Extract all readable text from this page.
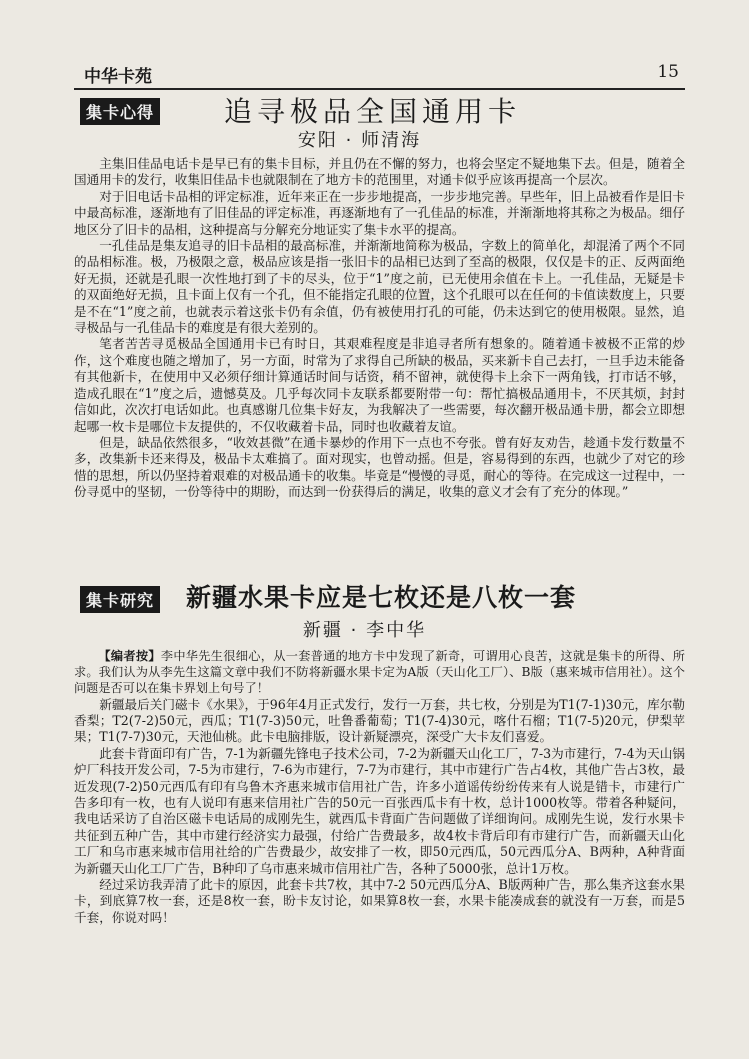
中华卡苑	15
集卡心得 追寻极品全国通用卡
安阳 · 师清海

主集旧佳品电话卡是早已有的集卡目标，并且仍在不懈的努力，也将会坚定不疑地集下去。但是，随着全国通用卡的发行，收集旧佳品卡也就限制在了地方卡的范围里，对通卡似乎应该再提高一个层次。

对于旧电话卡品相的评定标准，近年来正在一步步地提高，一步步地完善。早些年，旧上品被看作是旧卡中最高标准，逐渐地有了旧佳品的评定标准，再逐渐地有了一孔佳品的标准，并渐渐地将其称之为极品。细仔地区分了旧卡的品相，这种提高与分解充分地证实了集卡水平的提高。

一孔佳品是集友追寻的旧卡品相的最高标准，并渐渐地简称为极品，字数上的简单化，却混淆了两个不同的品相标准。极，乃极限之意，极品应该是指一张旧卡的品相已达到了至高的极限，仅仅是卡的正、反两面绝好无损，还就是孔眼一次性地打到了卡的尽头，位于“1”度之前，已无使用余值在卡上。一孔佳品，无疑是卡的双面绝好无损，且卡面上仅有一个孔，但不能指定孔眼的位置，这个孔眼可以在任何的卡值读数度上，只要是不在“1”度之前，也就表示着这张卡仍有余值，仍有被使用打孔的可能，仍未达到它的使用极限。显然，追寻极品与一孔佳品卡的难度是有很大差别的。

笔者苦苦寻觅极品全国通用卡已有时日，其艰难程度是非追寻者所有想象的。随着通卡被极不正常的炒作，这个难度也随之增加了，另一方面，时常为了求得自己所缺的极品，买来新卡自己去打，一旦手边未能备有其他新卡，在使用中又必须仔细计算通话时间与话资，稍不留神，就使得卡上余下一两角钱，打市话不够，造成孔眼在“1”度之后，遗憾莫及。几乎每次同卡友联系都要附带一句：帮忙搞极品通用卡，不厌其烦，封封信如此，次次打电话如此。也真感谢几位集卡好友，为我解决了一些需要，每次翻开极品通卡册，都会立即想起哪一枚卡是哪位卡友提供的，不仅收藏着卡品，同时也收藏着友谊。

但是，缺品依然很多，“收效甚微”在通卡暴炒的作用下一点也不夸张。曾有好友劝告，趁通卡发行数量不多，改集新卡还来得及，极品卡太难搞了。面对现实，也曾动摇。但是，容易得到的东西，也就少了对它的珍惜的思想，所以仍坚持着艰难的对极品通卡的收集。毕竟是“慢慢的寻觅，耐心的等待。在完成这一过程中，一份寻觅中的坚韧，一份等待中的期盼，而达到一份获得后的满足，收集的意义才会有了充分的体现。”

集卡研究 新疆水果卡应是七枚还是八枚一套
新疆 · 李中华

【编者按】李中华先生很细心，从一套普通的地方卡中发现了新奇，可谓用心良苦，这就是集卡的所得、所求。我们认为从李先生这篇文章中我们不防将新疆水果卡定为A版（天山化工厂）、B版（惠来城市信用社）。这个问题是否可以在集卡界划上句号了！

新疆最后关门磁卡《水果》，于96年4月正式发行，发行一万套，共七枚，分别是为T1(7-1)30元，库尔勒香梨；T2(7-2)50元，西瓜；T1(7-3)50元，吐鲁番葡萄；T1(7-4)30元，喀什石榴；T1(7-5)20元，伊梨苹果；T1(7-7)30元，天池仙桃。此卡电脑排版，设计新疑漂亮，深受广大卡友们喜爱。

此套卡背面印有广告，7-1为新疆先锋电子技术公司，7-2为新疆天山化工厂，7-3为市建行，7-4为天山锅炉厂科技开发公司，7-5为市建行，7-6为市建行，7-7为市建行，其中市建行广告占4枚，其他广告占3枚，最近发现(7-2)50元西瓜有印有乌鲁木齐惠来城市信用社广告，许多小道谣传纷纷传来有人说是错卡，市建行广告多印有一枚，也有人说印有惠来信用社广告的50元一百张西瓜卡有十枚，总计1000枚等。带着各种疑问，我电话采访了自治区磁卡电话局的成刚先生，就西瓜卡背面广告问题做了详细询问。成刚先生说，发行水果卡共征到五种广告，其中市建行经济实力最强，付给广告费最多，故4枚卡背后印有市建行广告，而新疆天山化工厂和乌市惠来城市信用社给的广告费最少，故安排了一枚，即50元西瓜，50元西瓜分A、B两种，A种背面为新疆天山化工厂广告，B种印了乌市惠来城市信用社广告，各种了5000张，总计1万枚。

经过采访我弄清了此卡的原因，此套卡共7枚，其中7-2 50元西瓜分A、B版两种广告，那么集齐这套水果卡，到底算7枚一套，还是8枚一套，盼卡友讨论，如果算8枚一套，水果卡能凑成套的就没有一万套，而是5千套，你说对吗！
